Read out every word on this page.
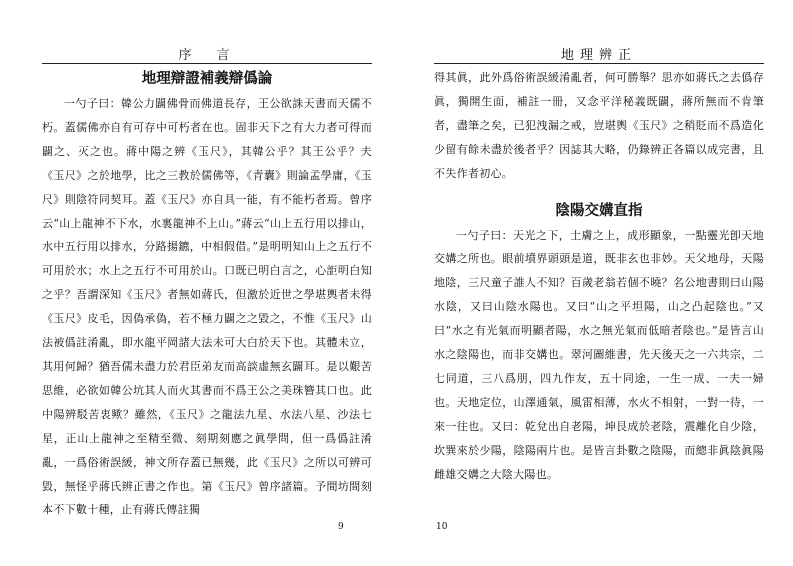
序　言
地理辯證補義辯僞論

一勺子曰：韓公力闢佛骨而佛道長存，王公欲誅天書而天儒不朽。蓋儒佛亦自有可存中可朽者在也。固非天下之有大力者可得而闢之、灭之也。蔣中陽之辨《玉尺》，其韓公乎？其王公乎？夫《玉尺》之於地學，比之三教於儒佛等，《青囊》則論孟學庸，《玉尺》則陰符同契耳。蓋《玉尺》亦自具一能，有不能朽者焉。曾序云“山上龍神不下水，水裏龍神不上山。”蔣云“山上五行用以排山，水中五行用以排水，分路揚鑣，中相假借。”是明明知山上之五行不可用於水；水上之五行不可用於山。口既已明白言之，心詎明白知之乎？吾謂深知《玉尺》者無如蔣氏，但激於近世之學堪輿者未得《玉尺》皮毛，因偽承偽，若不極力闢之之毀之，不惟《玉尺》山法被僞註淆亂，即水龍平岡諸大法未可大白於天下也。其體未立，其用何歸？猶吾儒未盡力於君臣弟友而高談虛無玄闢耳。是以艱苦思維，必欲如韓公坑其人而火其書而不爲王公之美珠簪其口也。此中陽辨駁苦衷歟？雖然，《玉尺》之龍法九星、水法八星、沙法七星，正山上龍神之至精至微、刻期刻應之眞學問，但一爲僞註淆亂，一爲俗術誤緩，神文所存蓋已無幾，此《玉尺》之所以可辨可毀，無怪乎蔣氏辨正書之作也。第《玉尺》曾序諸篇。予間坊間刻本不下數十種，止有蔣氏傳註獨

9
地理辨正

得其眞，此外爲俗術誤緩淆亂者，何可勝舉？思亦如蔣氏之去僞存眞，獨開生面，補註一冊，又念平洋秘義既闢，蔣所無而不肯筆者，盡筆之矣，已犯洩漏之戒，豈堪輿《玉尺》之稍貶而不爲造化少留有餘未盡於後者乎？因誌其大略，仍錄辨正各篇以成完書，且不失作者初心。

陰陽交媾直指

一勺子曰：天光之下，土膚之上，成形顯象，一點靈光卽天地交媾之所也。眼前墳界頭頭是道，既非玄也非妙。天父地母，天陽地陰，三尺童子誰人不知？百歲老翁若個不曉？名公地書則曰山陽水陰，又曰山陰水陽也。又曰“山之平坦陽，山之凸起陰也。”又曰“水之有光氣而明顯者陽，水之無光氣而低暗者陰也。”是皆言山水之陰陽也，而非交媾也。翠河圖維書，先天後天之一六共宗，二七同道，三八爲朋，四九作友，五十同途，一生一成、一夫一婦也。天地定位，山澤通氣，風雷相薄，水火不相射，一對一待，一來一往也。又曰：乾兌出自老陽，坤艮成於老陰，震離化自少陰，坎巽來於少陽，陰陽兩片也。是皆言卦數之陰陽，而總非眞陰眞陽雌雄交媾之大陰大陽也。

10
